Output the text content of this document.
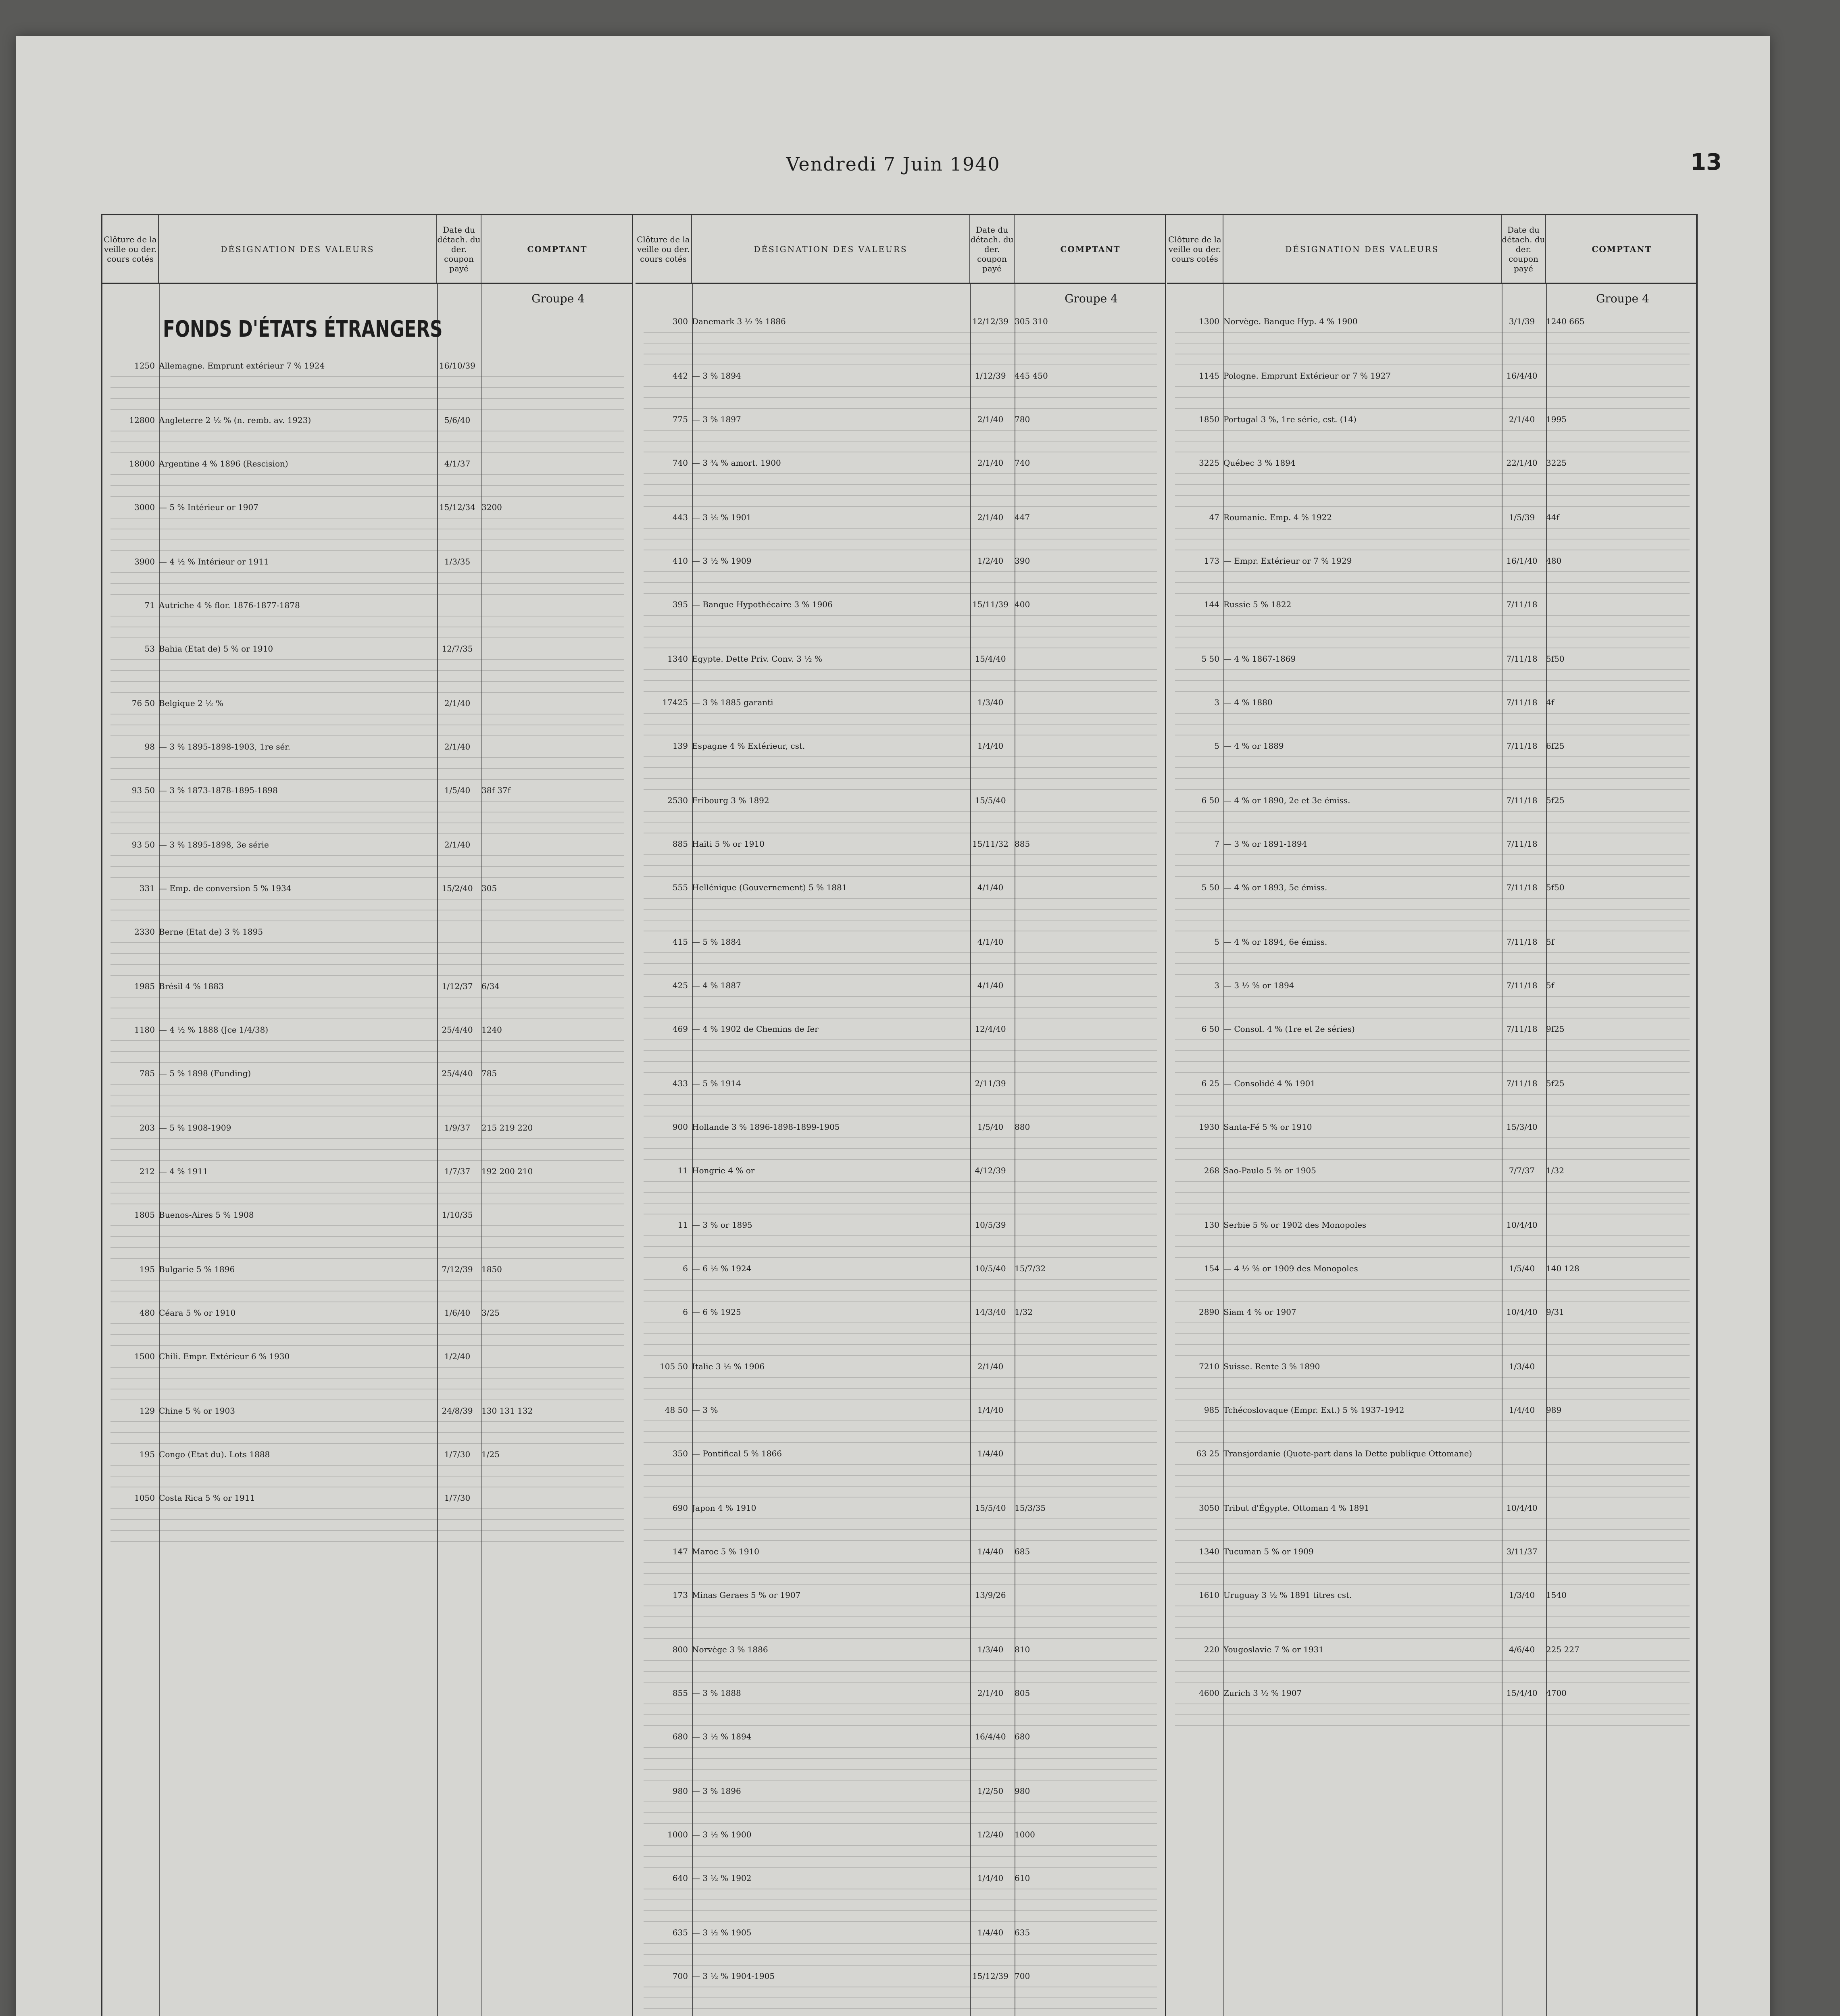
Vendredi 7 Juin 1940	13
Clôture de la veille ou der. cours cotés
DÉSIGNATION DES VALEURS
Date du détach. du der. coupon payé
COMPTANT
Groupe 4
FONDS D'ÉTATS ÉTRANGERS
1250 Allemagne. Emprunt extérieur 7 % 1924	16/10/39
12800 Angleterre 2 ½ % (n. remb. av. 1923)	5/6/40
18000 Argentine 4 % 1896 (Rescision)	4/1/37
3000 — 5 % Intérieur or 1907	15/12/34 3200
3900 — 4 ½ % Intérieur or 1911	1/3/35
71 Autriche 4 % flor. 1876-1877-1878
53 Bahia (Etat de) 5 % or 1910	12/7/35
76 50 Belgique 2 ½ %	2/1/40
98 — 3 % 1895-1898-1903, 1re sér.	2/1/40
93 50 — 3 % 1873-1878-1895-1898	1/5/40	38f 37f
93 50 — 3 % 1895-1898, 3e série	2/1/40
331 — Emp. de conversion 5 % 1934	15/2/40	305
2330 Berne (Etat de) 3 % 1895
1985 Brésil 4 % 1883	1/12/37	6/34
1180 — 4 ½ % 1888 (Jce 1/4/38)	25/4/40	1240
785 — 5 % 1898 (Funding)	25/4/40	785
203 — 5 % 1908-1909	1/9/37	215 219 220
212 — 4 % 1911	1/7/37	192 200 210
1805 Buenos-Aires 5 % 1908	1/10/35
195 Bulgarie 5 % 1896	7/12/39	1850
480 Céara 5 % or 1910	1/6/40	3/25
1500 Chili. Empr. Extérieur 6 % 1930	1/2/40
129 Chine 5 % or 1903	24/8/39	130 131 132
195 Congo (Etat du). Lots 1888	1/7/30	1/25
1050 Costa Rica 5 % or 1911	1/7/30
Clôture de la veille ou der. cours cotés
DÉSIGNATION DES VALEURS
Date du détach. du der. coupon payé
COMPTANT
Groupe 4
300 Danemark 3 ½ % 1886	12/12/39 305 310
442 — 3 % 1894	1/12/39	445 450
775 — 3 % 1897	2/1/40	780
740 — 3 ¾ % amort. 1900	2/1/40	740
443 — 3 ½ % 1901	2/1/40	447
410 — 3 ½ % 1909	1/2/40	390
395 — Banque Hypothécaire 3 % 1906	15/11/39 400
1340 Egypte. Dette Priv. Conv. 3 ½ %	15/4/40
17425 — 3 % 1885 garanti	1/3/40
139 Espagne 4 % Extérieur, cst.	1/4/40
2530 Fribourg 3 % 1892	15/5/40
885 Haïti 5 % or 1910	15/11/32 885
555 Hellénique (Gouvernement) 5 % 1881	4/1/40
415 — 5 % 1884	4/1/40
425 — 4 % 1887	4/1/40
469 — 4 % 1902 de Chemins de fer	12/4/40
433 — 5 % 1914	2/11/39
900 Hollande 3 % 1896-1898-1899-1905	1/5/40	880
11 Hongrie 4 % or	4/12/39
11 — 3 % or 1895	10/5/39
6 — 6 ½ % 1924	10/5/40	15/7/32
6 — 6 % 1925	14/3/40	1/32
105 50 Italie 3 ½ % 1906	2/1/40
48 50 — 3 %	1/4/40
350 — Pontifical 5 % 1866	1/4/40
690 Japon 4 % 1910	15/5/40	15/3/35
147 Maroc 5 % 1910	1/4/40	685
173 Minas Geraes 5 % or 1907	13/9/26
800 Norvège 3 % 1886	1/3/40	810
855 — 3 % 1888	2/1/40	805
680 — 3 ½ % 1894	16/4/40	680
980 — 3 % 1896	1/2/50	980
1000 — 3 ½ % 1900	1/2/40	1000
640 — 3 ½ % 1902	1/4/40	610
635 — 3 ½ % 1905	1/4/40	635
700 — 3 ½ % 1904-1905	15/12/39 700
Clôture de la veille ou der. cours cotés
DÉSIGNATION DES VALEURS
Date du détach. du der. coupon payé
COMPTANT
Groupe 4
1300 Norvège. Banque Hyp. 4 % 1900	3/1/39	1240 665
1145 Pologne. Emprunt Extérieur or 7 % 1927	16/4/40
1850 Portugal 3 %, 1re série, cst. (14)	2/1/40	1995
3225 Québec 3 % 1894	22/1/40	3225
47 Roumanie. Emp. 4 % 1922	1/5/39	44f
173 — Empr. Extérieur or 7 % 1929	16/1/40	480
144 Russie 5 % 1822	7/11/18
5 50 — 4 % 1867-1869	7/11/18	5f50
3 — 4 % 1880	7/11/18	4f
5 — 4 % or 1889	7/11/18	6f25
6 50 — 4 % or 1890, 2e et 3e émiss.	7/11/18	5f25
7 — 3 % or 1891-1894	7/11/18
5 50 — 4 % or 1893, 5e émiss.	7/11/18	5f50
5 — 4 % or 1894, 6e émiss.	7/11/18	5f
3 — 3 ½ % or 1894	7/11/18	5f
6 50 — Consol. 4 % (1re et 2e séries)	7/11/18	9f25
6 25 — Consolidé 4 % 1901	7/11/18	5f25
1930 Santa-Fé 5 % or 1910	15/3/40
268 Sao-Paulo 5 % or 1905	7/7/37	1/32
130 Serbie 5 % or 1902 des Monopoles	10/4/40
154 — 4 ½ % or 1909 des Monopoles	1/5/40	140 128
2890 Siam 4 % or 1907	10/4/40	9/31
7210 Suisse. Rente 3 % 1890	1/3/40
985 Tchécoslovaque (Empr. Ext.) 5 % 1937-1942	1/4/40	989
63 25 Transjordanie (Quote-part dans la Dette publique Ottomane)
3050 Tribut d'Égypte. Ottoman 4 % 1891	10/4/40
1340 Tucuman 5 % or 1909	3/11/37
1610 Uruguay 3 ½ % 1891 titres cst.	1/3/40	1540
220 Yougoslavie 7 % or 1931	4/6/40	225 227
4600 Zurich 3 ½ % 1907	15/4/40	4700
